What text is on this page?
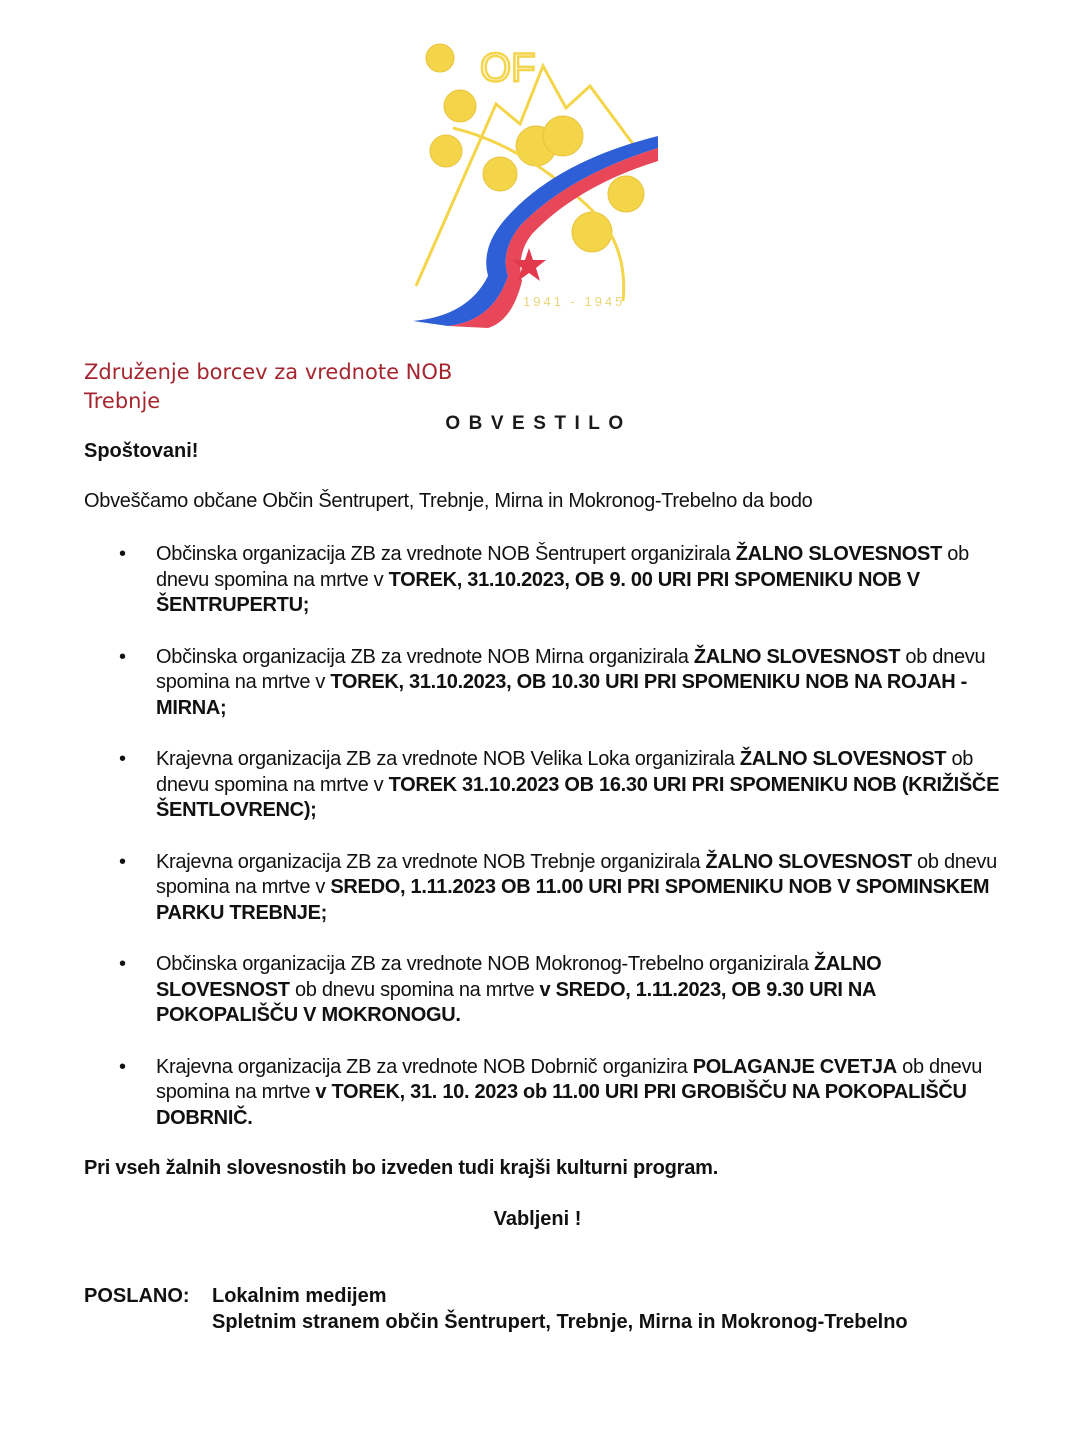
OF
1941 - 1945
Združenje borcev za vrednote NOB
Trebnje
OBVESTILO
Spoštovani!
Obveščamo občane Občin Šentrupert, Trebnje, Mirna in Mokronog-Trebelno da bodo
• Občinska organizacija ZB za vrednote NOB Šentrupert organizirala ŽALNO SLOVESNOST ob dnevu spomina na mrtve v TOREK, 31.10.2023, OB 9. 00 URI PRI SPOMENIKU NOB V ŠENTRUPERTU;
• Občinska organizacija ZB za vrednote NOB Mirna organizirala ŽALNO SLOVESNOST ob dnevu spomina na mrtve v TOREK, 31.10.2023, OB 10.30 URI PRI SPOMENIKU NOB NA ROJAH - MIRNA;
• Krajevna organizacija ZB za vrednote NOB Velika Loka organizirala ŽALNO SLOVESNOST ob dnevu spomina na mrtve v TOREK 31.10.2023 OB 16.30 URI PRI SPOMENIKU NOB (KRIŽIŠČE ŠENTLOVRENC);
• Krajevna organizacija ZB za vrednote NOB Trebnje organizirala ŽALNO SLOVESNOST ob dnevu spomina na mrtve v SREDO, 1.11.2023 OB 11.00 URI PRI SPOMENIKU NOB V SPOMINSKEM PARKU TREBNJE;
• Občinska organizacija ZB za vrednote NOB Mokronog-Trebelno organizirala ŽALNO SLOVESNOST ob dnevu spomina na mrtve v SREDO, 1.11.2023, OB 9.30 URI NA POKOPALIŠČU V MOKRONOGU.
• Krajevna organizacija ZB za vrednote NOB Dobrnič organizira POLAGANJE CVETJA ob dnevu spomina na mrtve v TOREK, 31. 10. 2023 ob 11.00 URI PRI GROBIŠČU NA POKOPALIŠČU DOBRNIČ.
Pri vseh žalnih slovesnostih bo izveden tudi krajši kulturni program.
Vabljeni !
POSLANO: Lokalnim medijem
Spletnim stranem občin Šentrupert, Trebnje, Mirna in Mokronog-Trebelno
